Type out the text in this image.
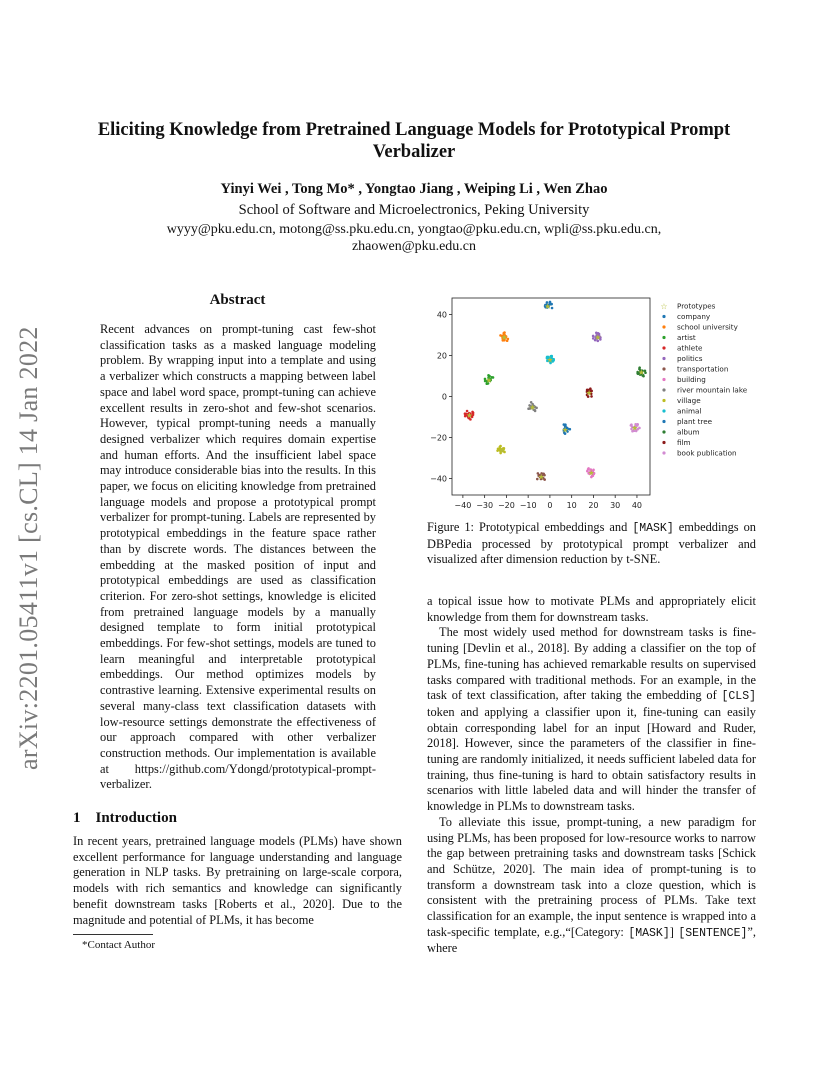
arXiv:2201.05411v1 [cs.CL] 14 Jan 2022
Eliciting Knowledge from Pretrained Language Models for Prototypical Prompt
Verbalizer
Yinyi Wei , Tong Mo* , Yongtao Jiang , Weiping Li , Wen Zhao
School of Software and Microelectronics, Peking University
wyyy@pku.edu.cn, motong@ss.pku.edu.cn, yongtao@pku.edu.cn, wpli@ss.pku.edu.cn,
zhaowen@pku.edu.cn
Abstract
Recent advances on prompt-tuning cast few-shot classification tasks as a masked language modeling problem. By wrapping input into a template and using a verbalizer which constructs a mapping between label space and label word space, prompt-tuning can achieve excellent results in zero-shot and few-shot scenarios. However, typical prompt-tuning needs a manually designed verbalizer which requires domain expertise and human efforts. And the insufficient label space may introduce considerable bias into the results. In this paper, we focus on eliciting knowledge from pretrained language models and propose a prototypical prompt verbalizer for prompt-tuning. Labels are represented by prototypical embeddings in the feature space rather than by discrete words. The distances between the embedding at the masked position of input and prototypical embeddings are used as classification criterion. For zero-shot settings, knowledge is elicited from pretrained language models by a manually designed template to form initial prototypical embeddings. For few-shot settings, models are tuned to learn meaningful and interpretable prototypical embeddings. Our method optimizes models by contrastive learning. Extensive experimental results on several many-class text classification datasets with low-resource settings demonstrate the effectiveness of our approach compared with other verbalizer construction methods. Our implementation is available at https://github.com/Ydongd/prototypical-prompt-verbalizer.
1 Introduction

In recent years, pretrained language models (PLMs) have shown excellent performance for language understanding and language generation in NLP tasks. By pretraining on large-scale corpora, models with rich semantics and knowledge can significantly benefit downstream tasks [Roberts et al., 2020]. Due to the magnitude and potential of PLMs, it has become

*Contact Author
−40 −30 −20 −10 0 10 20 30 40
40
20
0
−20
−40
★
★
★
★
★
★	★
★
★
★
★
★
★
★
☆ Prototypes
company
school university
artist
athlete
politics
transportation
building
river mountain lake
village
animal
plant tree
album
film
book publication
Figure 1: Prototypical embeddings and [MASK] embeddings on DBPedia processed by prototypical prompt verbalizer and visualized after dimension reduction by t-SNE.

a topical issue how to motivate PLMs and appropriately elicit knowledge from them for downstream tasks.

The most widely used method for downstream tasks is fine-tuning [Devlin et al., 2018]. By adding a classifier on the top of PLMs, fine-tuning has achieved remarkable results on supervised tasks compared with traditional methods. For an example, in the task of text classification, after taking the embedding of [CLS] token and applying a classifier upon it, fine-tuning can easily obtain corresponding label for an input [Howard and Ruder, 2018]. However, since the parameters of the classifier in fine-tuning are randomly initialized, it needs sufficient labeled data for training, thus fine-tuning is hard to obtain satisfactory results in scenarios with little labeled data and will hinder the transfer of knowledge in PLMs to downstream tasks.

To alleviate this issue, prompt-tuning, a new paradigm for using PLMs, has been proposed for low-resource works to narrow the gap between pretraining tasks and downstream tasks [Schick and Schütze, 2020]. The main idea of prompt-tuning is to transform a downstream task into a cloze question, which is consistent with the pretraining process of PLMs. Take text classification for an example, the input sentence is wrapped into a task-specific template, e.g.,“[Category: [MASK]] [SENTENCE]”, where
